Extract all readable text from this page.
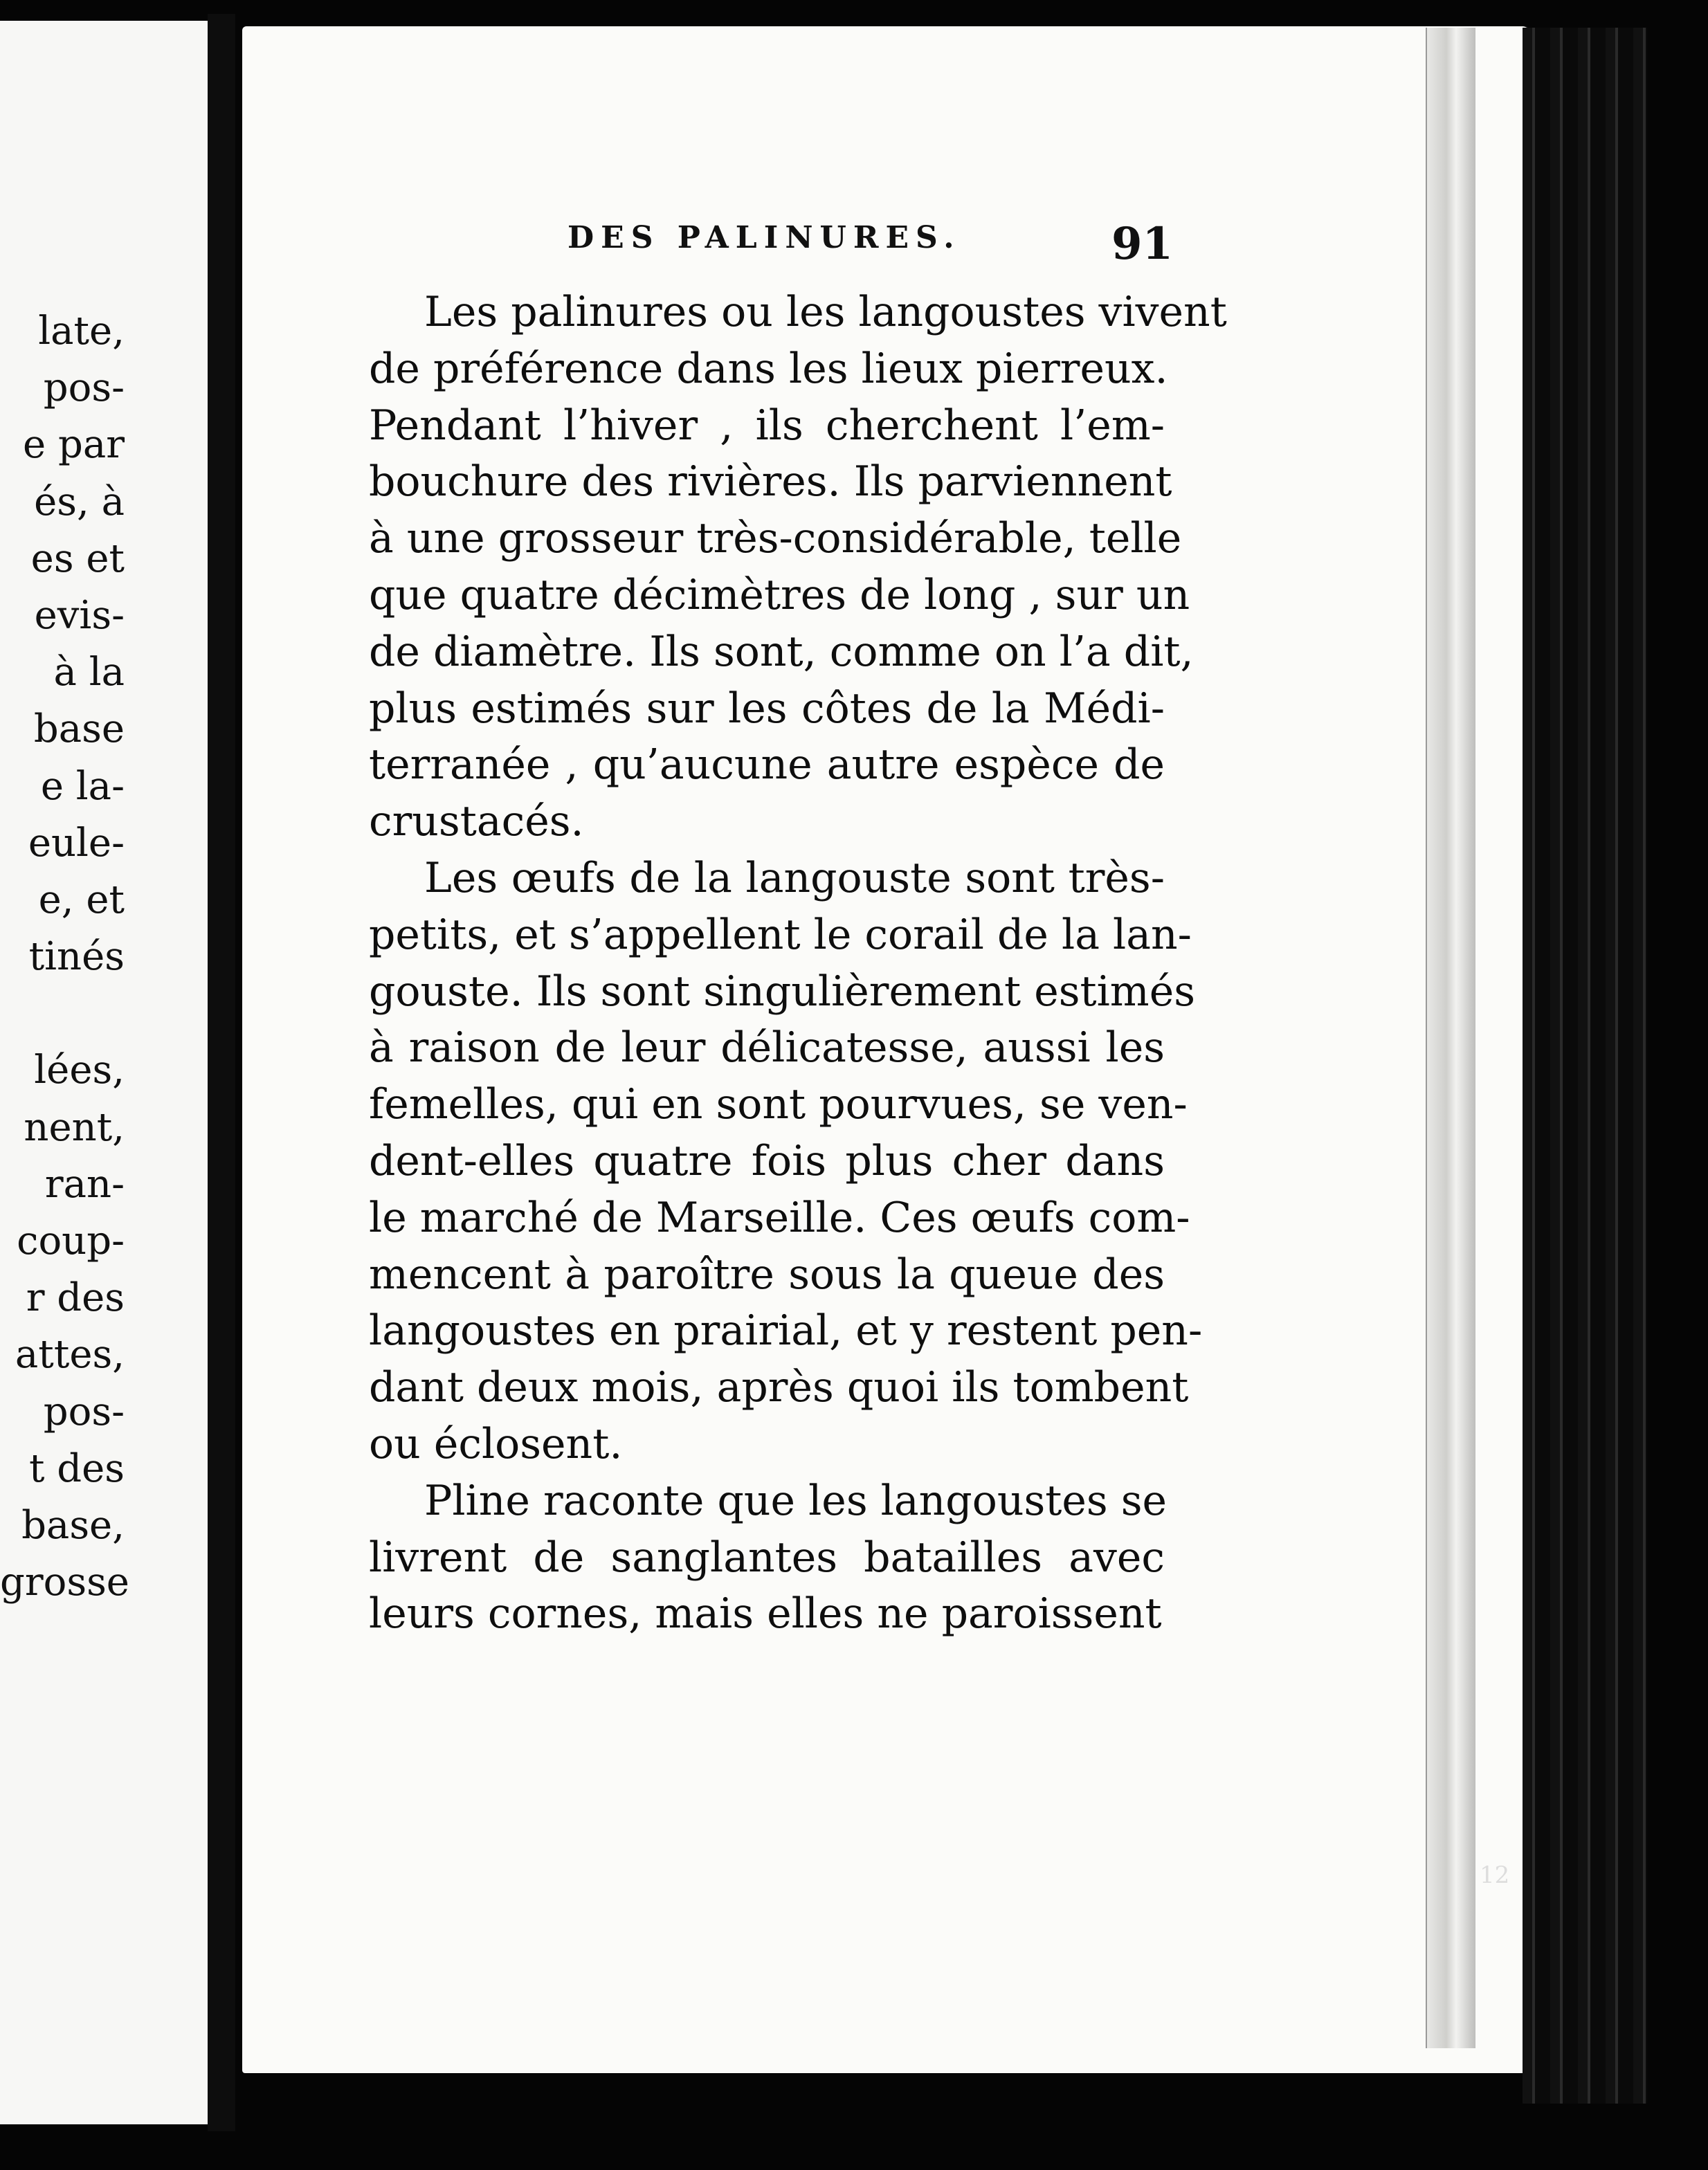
late,
pos-
e par
és, à
es et
evis-
à la
base
e la-
eule-
e, et
tinés
lées,
nent,
ran-
coup-
r des
attes,
pos-
t des
base,
grosse
DES PALINURES.	91
Les palinures ou les langoustes vivent
de préférence dans les lieux pierreux.
Pendant l’hiver , ils cherchent l’em-
bouchure des rivières. Ils parviennent
à une grosseur très-considérable, telle
que quatre décimètres de long , sur un
de diamètre. Ils sont, comme on l’a dit,
plus estimés sur les côtes de la Médi-
terranée , qu’aucune autre espèce de
crustacés.
Les œufs de la langouste sont très-
petits, et s’appellent le corail de la lan-
gouste. Ils sont singulièrement estimés
à raison de leur délicatesse, aussi les
femelles, qui en sont pourvues, se ven-
dent-elles quatre fois plus cher dans
le marché de Marseille. Ces œufs com-
mencent à paroître sous la queue des
langoustes en prairial, et y restent pen-
dant deux mois, après quoi ils tombent
ou éclosent.
Pline raconte que les langoustes se
livrent de sanglantes batailles avec
leurs cornes, mais elles ne paroissent
12
